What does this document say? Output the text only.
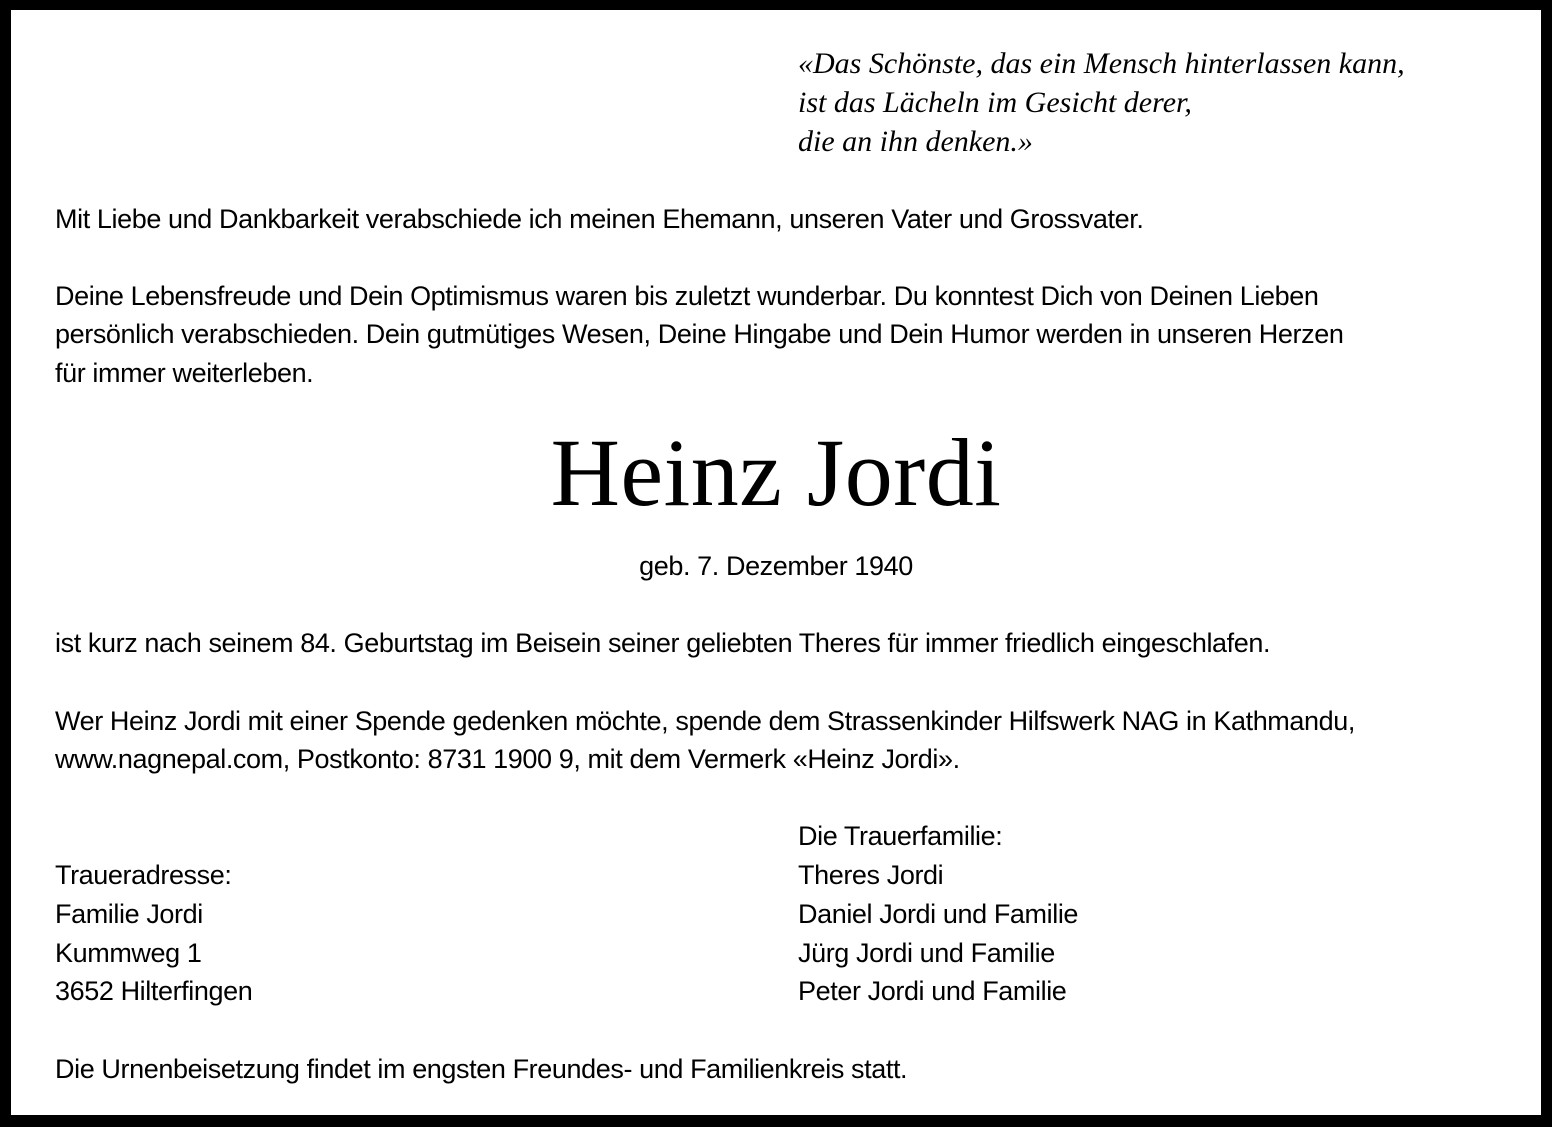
«Das Schönste, das ein Mensch hinterlassen kann,
ist das Lächeln im Gesicht derer,
die an ihn denken.»
Mit Liebe und Dankbarkeit verabschiede ich meinen Ehemann, unseren Vater und Grossvater.
Deine Lebensfreude und Dein Optimismus waren bis zuletzt wunderbar. Du konntest Dich von Deinen Lieben
persönlich verabschieden. Dein gutmütiges Wesen, Deine Hingabe und Dein Humor werden in unseren Herzen
für immer weiterleben.
Heinz Jordi
geb. 7. Dezember 1940
ist kurz nach seinem 84. Geburtstag im Beisein seiner geliebten Theres für immer friedlich eingeschlafen.
Wer Heinz Jordi mit einer Spende gedenken möchte, spende dem Strassenkinder Hilfswerk NAG in Kathmandu,
www.nagnepal.com, Postkonto: 8731 1900 9, mit dem Vermerk «Heinz Jordi».
Die Trauerfamilie:
Theres Jordi
Daniel Jordi und Familie
Jürg Jordi und Familie
Peter Jordi und Familie
Traueradresse:
Familie Jordi
Kummweg 1
3652 Hilterfingen
Die Urnenbeisetzung findet im engsten Freundes- und Familienkreis statt.
